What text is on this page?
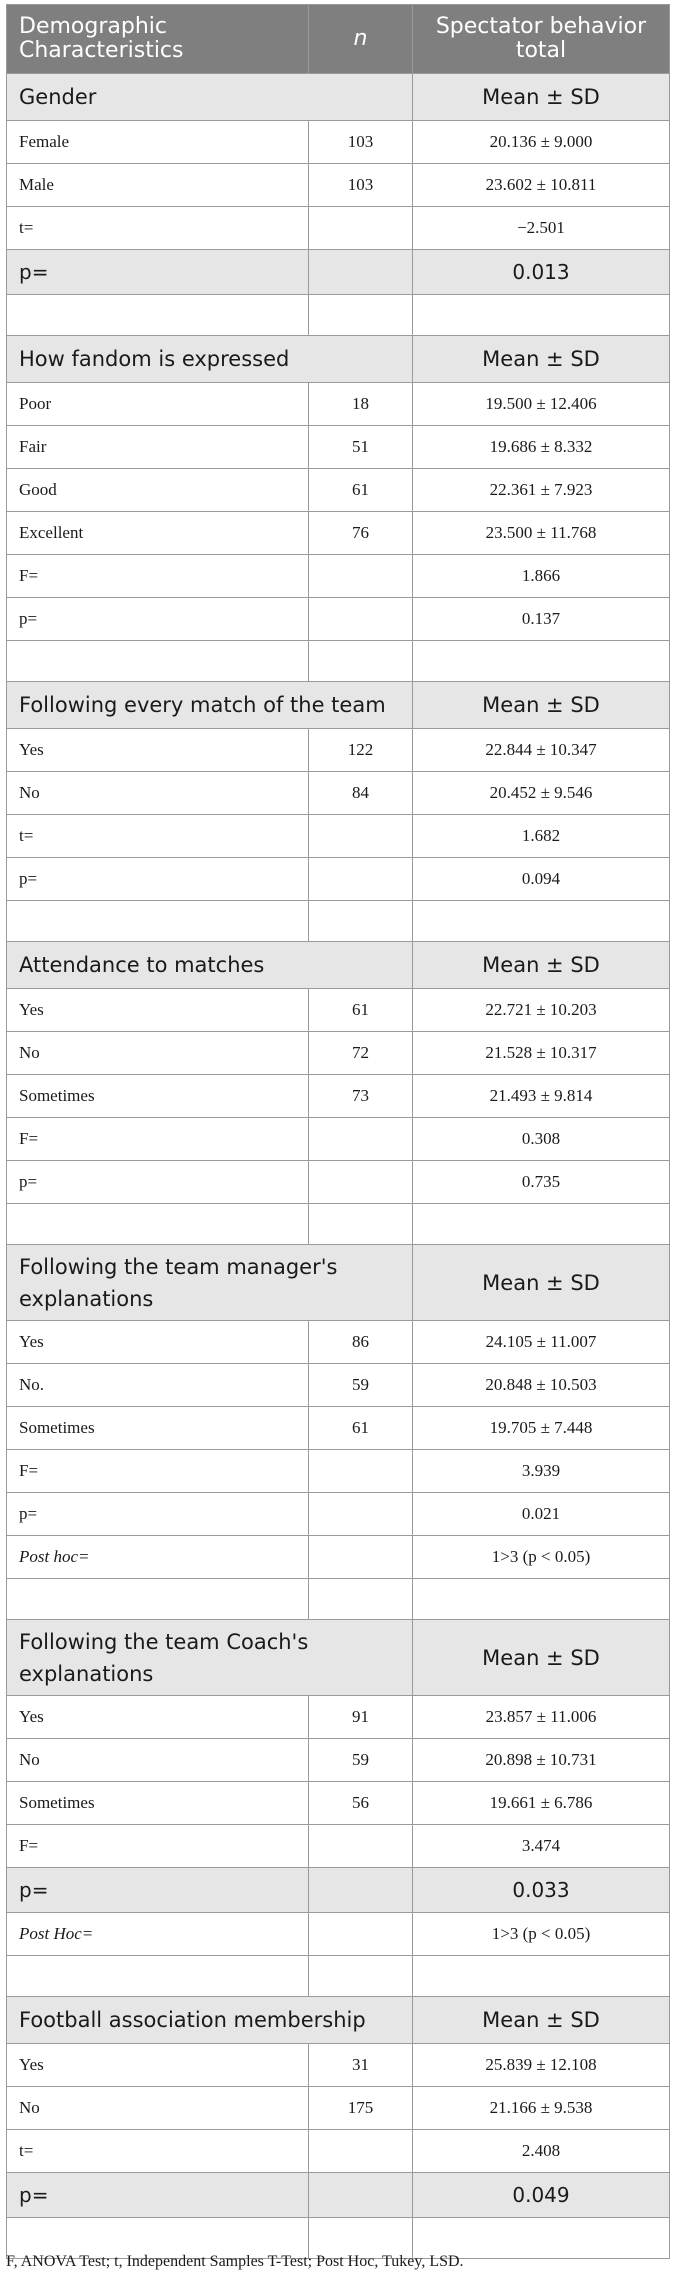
Demographic Characteristics	n	Spectator behavior total
Gender		Mean ± SD
Female	103	20.136 ± 9.000
Male	103	23.602 ± 10.811
t=		−2.501
p=		0.013

How fandom is expressed		Mean ± SD
Poor	18	19.500 ± 12.406
Fair	51	19.686 ± 8.332
Good	61	22.361 ± 7.923
Excellent	76	23.500 ± 11.768
F=		1.866
p=		0.137

Following every match of the team		Mean ± SD
Yes	122	22.844 ± 10.347
No	84	20.452 ± 9.546
t=		1.682
p=		0.094

Attendance to matches		Mean ± SD
Yes	61	22.721 ± 10.203
No	72	21.528 ± 10.317
Sometimes	73	21.493 ± 9.814
F=		0.308
p=		0.735

Following the team manager's explanations		Mean ± SD
Yes	86	24.105 ± 11.007
No.	59	20.848 ± 10.503
Sometimes	61	19.705 ± 7.448
F=		3.939
p=		0.021
Post hoc=		1>3 (p < 0.05)

Following the team Coach's explanations		Mean ± SD
Yes	91	23.857 ± 11.006
No	59	20.898 ± 10.731
Sometimes	56	19.661 ± 6.786
F=		3.474
p=		0.033
Post Hoc=		1>3 (p < 0.05)

Football association membership		Mean ± SD
Yes	31	25.839 ± 12.108
No	175	21.166 ± 9.538
t=		2.408
p=		0.049

F, ANOVA Test; t, Independent Samples T-Test; Post Hoc, Tukey, LSD.
